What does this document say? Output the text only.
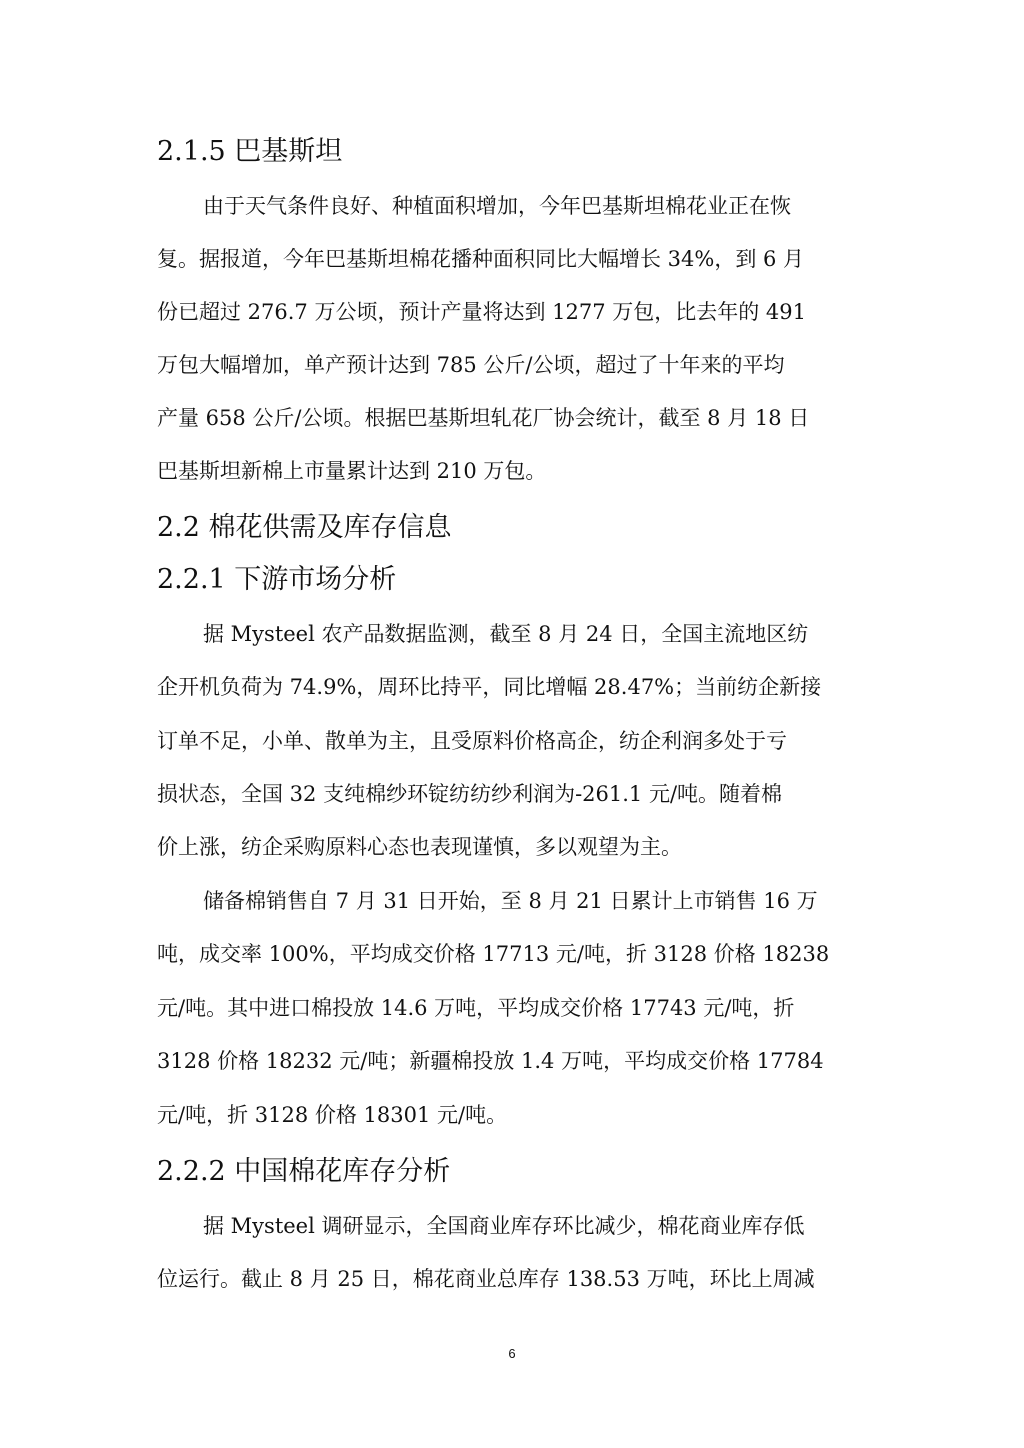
2.1.5 巴基斯坦
由于天气条件良好、种植面积增加，今年巴基斯坦棉花业正在恢
复。据报道，今年巴基斯坦棉花播种面积同比大幅增长 34%，到 6 月
份已超过 276.7 万公顷，预计产量将达到 1277 万包，比去年的 491
万包大幅增加，单产预计达到 785 公斤/公顷，超过了十年来的平均
产量 658 公斤/公顷。根据巴基斯坦轧花厂协会统计，截至 8 月 18 日
巴基斯坦新棉上市量累计达到 210 万包。
2.2 棉花供需及库存信息
2.2.1 下游市场分析
据 Mysteel 农产品数据监测，截至 8 月 24 日，全国主流地区纺
企开机负荷为 74.9%，周环比持平，同比增幅 28.47%；当前纺企新接
订单不足，小单、散单为主，且受原料价格高企，纺企利润多处于亏
损状态，全国 32 支纯棉纱环锭纺纺纱利润为-261.1 元/吨。随着棉
价上涨，纺企采购原料心态也表现谨慎，多以观望为主。
储备棉销售自 7 月 31 日开始，至 8 月 21 日累计上市销售 16 万
吨，成交率 100%，平均成交价格 17713 元/吨，折 3128 价格 18238
元/吨。其中进口棉投放 14.6 万吨，平均成交价格 17743 元/吨，折
3128 价格 18232 元/吨；新疆棉投放 1.4 万吨，平均成交价格 17784
元/吨，折 3128 价格 18301 元/吨。
2.2.2 中国棉花库存分析
据 Mysteel 调研显示，全国商业库存环比减少，棉花商业库存低
位运行。截止 8 月 25 日，棉花商业总库存 138.53 万吨，环比上周减
6
